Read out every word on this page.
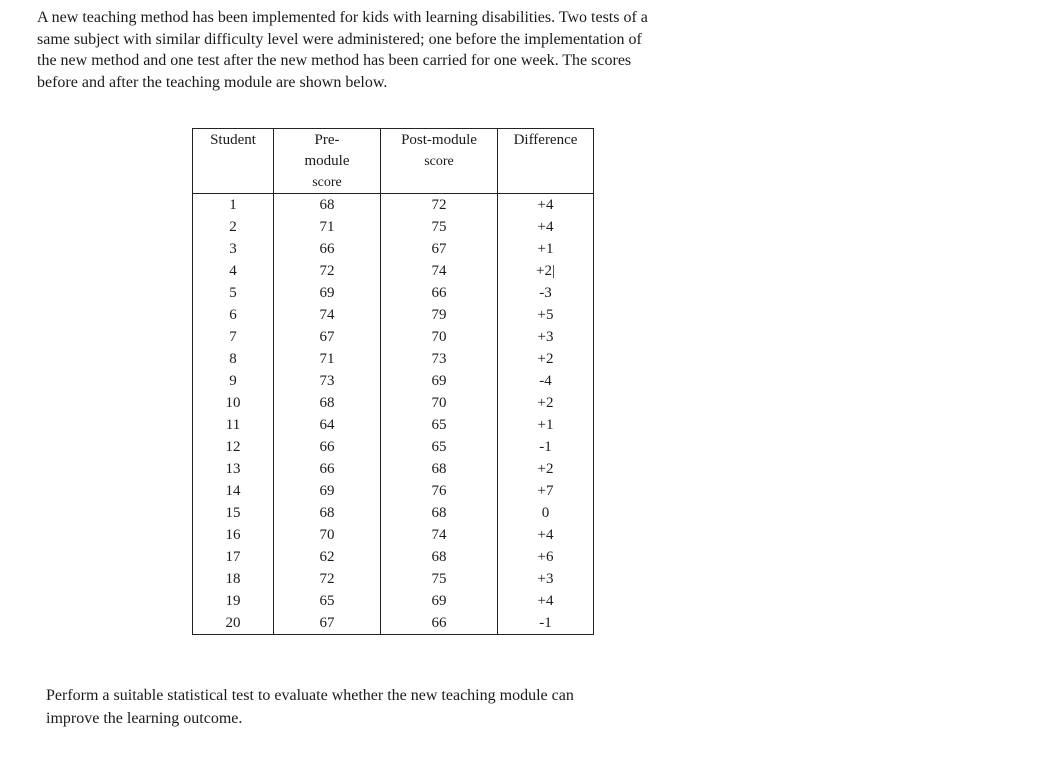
A new teaching method has been implemented for kids with learning disabilities. Two tests of a
same subject with similar difficulty level were administered; one before the implementation of
the new method and one test after the new method has been carried for one week. The scores
before and after the teaching module are shown below.

Student	Pre-
module
score	Post-module
score	Difference

1	68	72	+4
2	71	75	+4
3	66	67	+1
4	72	74	+2|
5	69	66	-3
6	74	79	+5
7	67	70	+3
8	71	73	+2
9	73	69	-4
10	68	70	+2
11	64	65	+1
12	66	65	-1
13	66	68	+2
14	69	76	+7
15	68	68	0
16	70	74	+4
17	62	68	+6
18	72	75	+3
19	65	69	+4
20	67	66	-1

Perform a suitable statistical test to evaluate whether the new teaching module can
improve the learning outcome.
